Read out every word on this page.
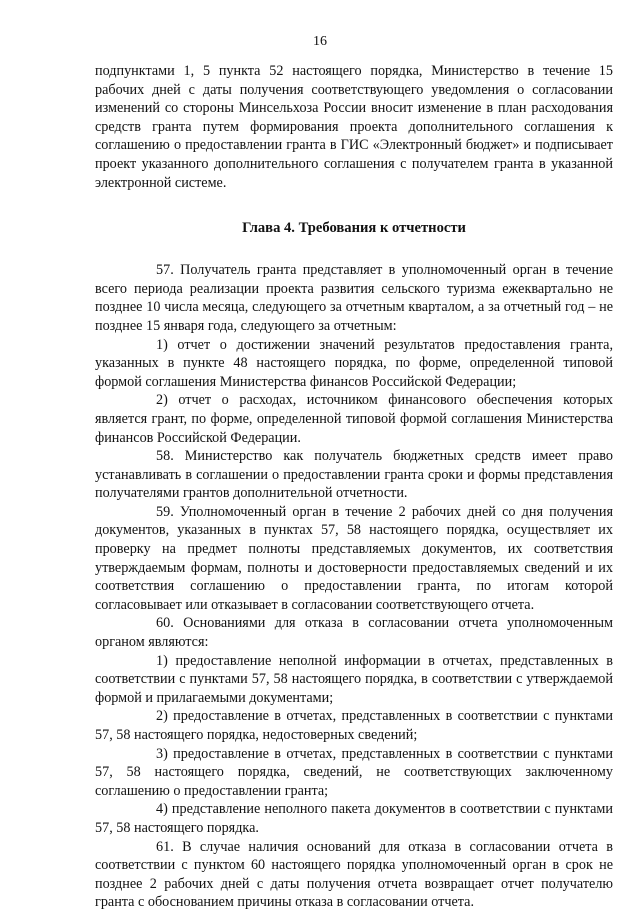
16

подпунктами 1, 5 пункта 52 настоящего порядка, Министерство в течение 15 рабочих дней с даты получения соответствующего уведомления о согласовании изменений со стороны Минсельхоза России вносит изменение в план расходования средств гранта путем формирования проекта дополнительного соглашения к соглашению о предоставлении гранта в ГИС «Электронный бюджет» и подписывает проект указанного дополнительного соглашения с получателем гранта в указанной электронной системе.

Глава 4. Требования к отчетности

57. Получатель гранта представляет в уполномоченный орган в течение всего периода реализации проекта развития сельского туризма ежеквартально не позднее 10 числа месяца, следующего за отчетным кварталом, а за отчетный год – не позднее 15 января года, следующего за отчетным:

1) отчет о достижении значений результатов предоставления гранта, указанных в пункте 48 настоящего порядка, по форме, определенной типовой формой соглашения Министерства финансов Российской Федерации;

2) отчет о расходах, источником финансового обеспечения которых является грант, по форме, определенной типовой формой соглашения Министерства финансов Российской Федерации.

58. Министерство как получатель бюджетных средств имеет право устанавливать в соглашении о предоставлении гранта сроки и формы представления получателями грантов дополнительной отчетности.

59. Уполномоченный орган в течение 2 рабочих дней со дня получения документов, указанных в пунктах 57, 58 настоящего порядка, осуществляет их проверку на предмет полноты представляемых документов, их соответствия утверждаемым формам, полноты и достоверности предоставляемых сведений и их соответствия соглашению о предоставлении гранта, по итогам которой согласовывает или отказывает в согласовании соответствующего отчета.

60. Основаниями для отказа в согласовании отчета уполномоченным органом являются:

1) предоставление неполной информации в отчетах, представленных в соответствии с пунктами 57, 58 настоящего порядка, в соответствии с утверждаемой формой и прилагаемыми документами;

2) предоставление в отчетах, представленных в соответствии с пунктами 57, 58 настоящего порядка, недостоверных сведений;

3) предоставление в отчетах, представленных в соответствии с пунктами 57, 58 настоящего порядка, сведений, не соответствующих заключенному соглашению о предоставлении гранта;

4) представление неполного пакета документов в соответствии с пунктами 57, 58 настоящего порядка.

61. В случае наличия оснований для отказа в согласовании отчета в соответствии с пунктом 60 настоящего порядка уполномоченный орган в срок не позднее 2 рабочих дней с даты получения отчета возвращает отчет получателю гранта с обоснованием причины отказа в согласовании отчета.
